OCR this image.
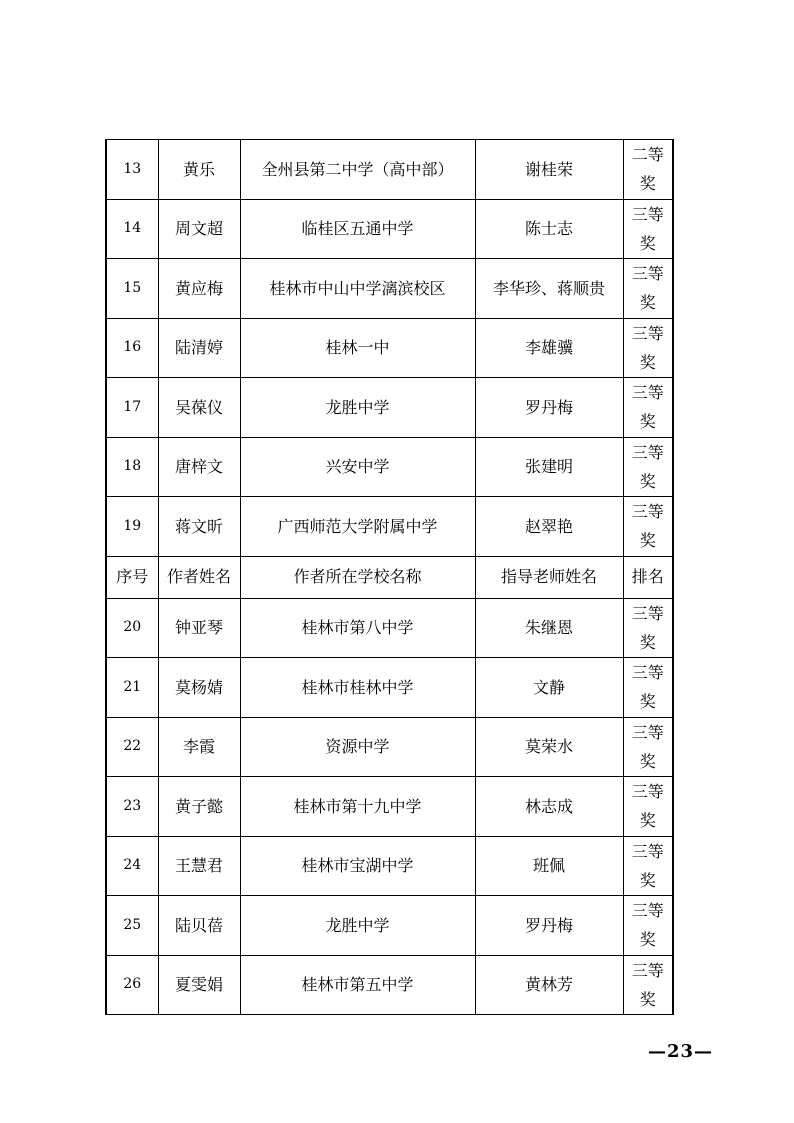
13	黄乐	全州县第二中学（高中部）	谢桂荣	二等
奖

14	周文超	临桂区五通中学	陈士志	三等
奖

15	黄应梅	桂林市中山中学漓滨校区	李华珍、蒋顺贵	三等
奖

16	陆清婷	桂林一中	李雄骥	三等
奖

17	吴葆仪	龙胜中学	罗丹梅	三等
奖

18	唐梓文	兴安中学	张建明	三等
奖

19	蒋文昕	广西师范大学附属中学	赵翠艳	三等
奖

序号	作者姓名	作者所在学校名称	指导老师姓名	排名
20	钟亚琴	桂林市第八中学	朱继恩	三等
奖

21	莫杨婧	桂林市桂林中学	文静	三等
奖

22	李霞	资源中学	莫荣水	三等
奖

23	黄子懿	桂林市第十九中学	林志成	三等
奖

24	王慧君	桂林市宝湖中学	班佩	三等
奖

25	陆贝蓓	龙胜中学	罗丹梅	三等
奖

26	夏雯娟	桂林市第五中学	黄林芳	三等
奖
—23—
